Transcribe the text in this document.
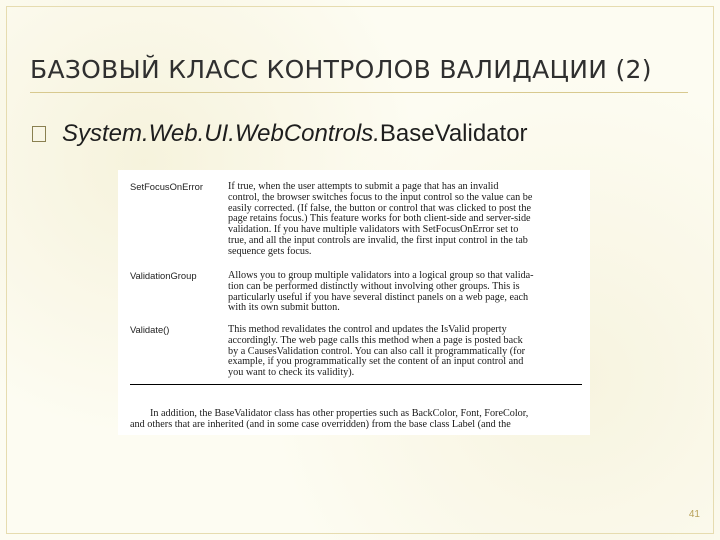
БАЗОВЫЙ КЛАСС КОНТРОЛОВ ВАЛИДАЦИИ (2)
System.Web.UI.WebControls. BaseValidator
SetFocusOnError	If true, when the user attempts to submit a page that has an invalid
control, the browser switches focus to the input control so the value can be
easily corrected. (If false, the button or control that was clicked to post the
page retains focus.) This feature works for both client-side and server-side
validation. If you have multiple validators with SetFocusOnError set to
true, and all the input controls are invalid, the first input control in the tab
sequence gets focus.
ValidationGroup	Allows you to group multiple validators into a logical group so that valida-
tion can be performed distinctly without involving other groups. This is
particularly useful if you have several distinct panels on a web page, each
with its own submit button.
Validate()	This method revalidates the control and updates the IsValid property
accordingly. The web page calls this method when a page is posted back
by a CausesValidation control. You can also call it programmatically (for
example, if you programmatically set the content of an input control and
you want to check its validity).
In addition, the BaseValidator class has other properties such as BackColor, Font, ForeColor,
and others that are inherited (and in some case overridden) from the base class Label (and the
41
